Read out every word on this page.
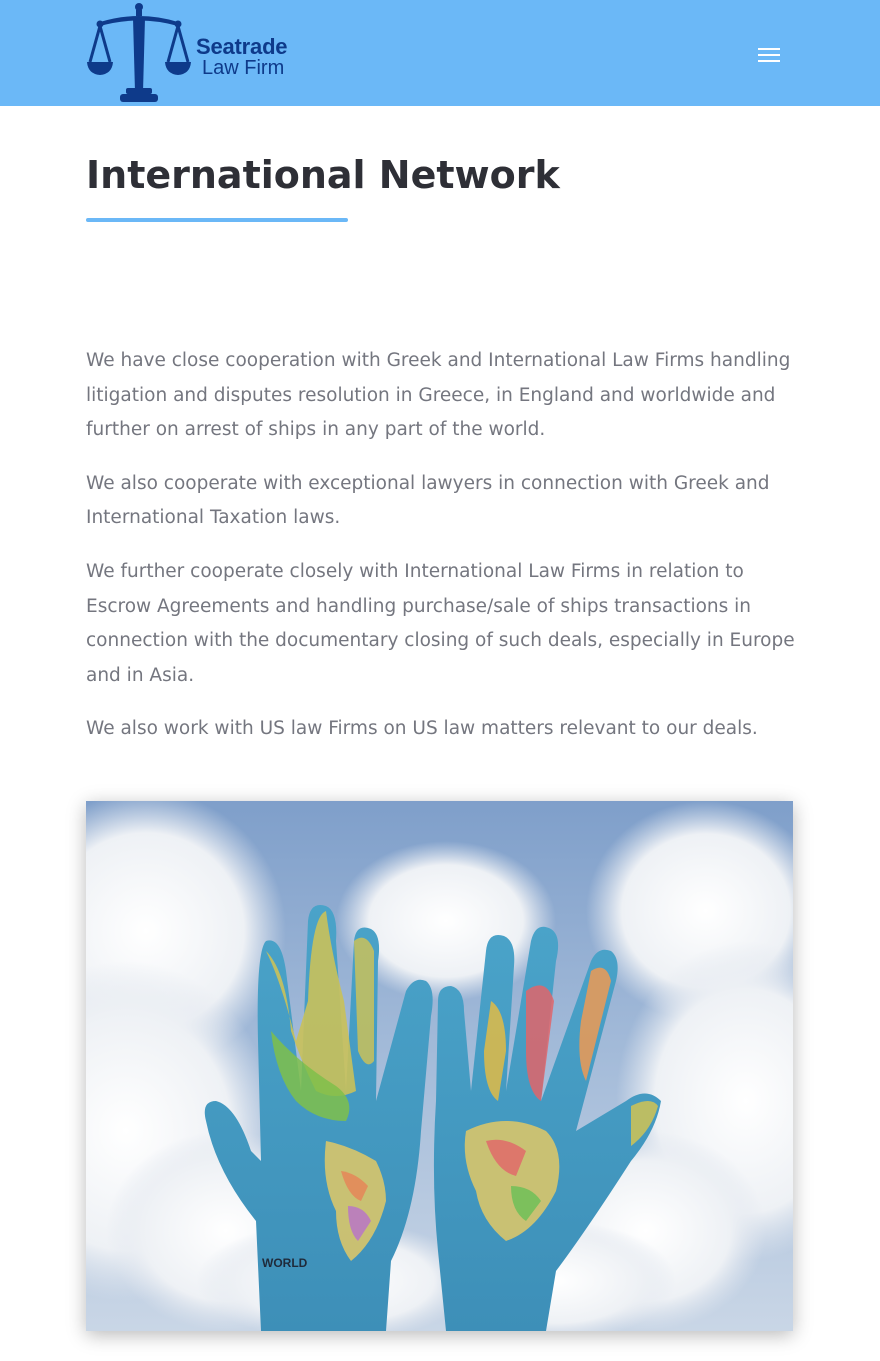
Seatrade
Law Firm
International Network

We have close cooperation with Greek and International Law Firms handling litigation and disputes resolution in Greece, in England and worldwide and further on arrest of ships in any part of the world.

We also cooperate with exceptional lawyers in connection with Greek and International Taxation laws.

We further cooperate closely with International Law Firms in relation to Escrow Agreements and handling purchase/sale of ships transactions in connection with the documentary closing of such deals, especially in Europe and in Asia.

We also work with US law Firms on US law matters relevant to our deals.

WORLD
